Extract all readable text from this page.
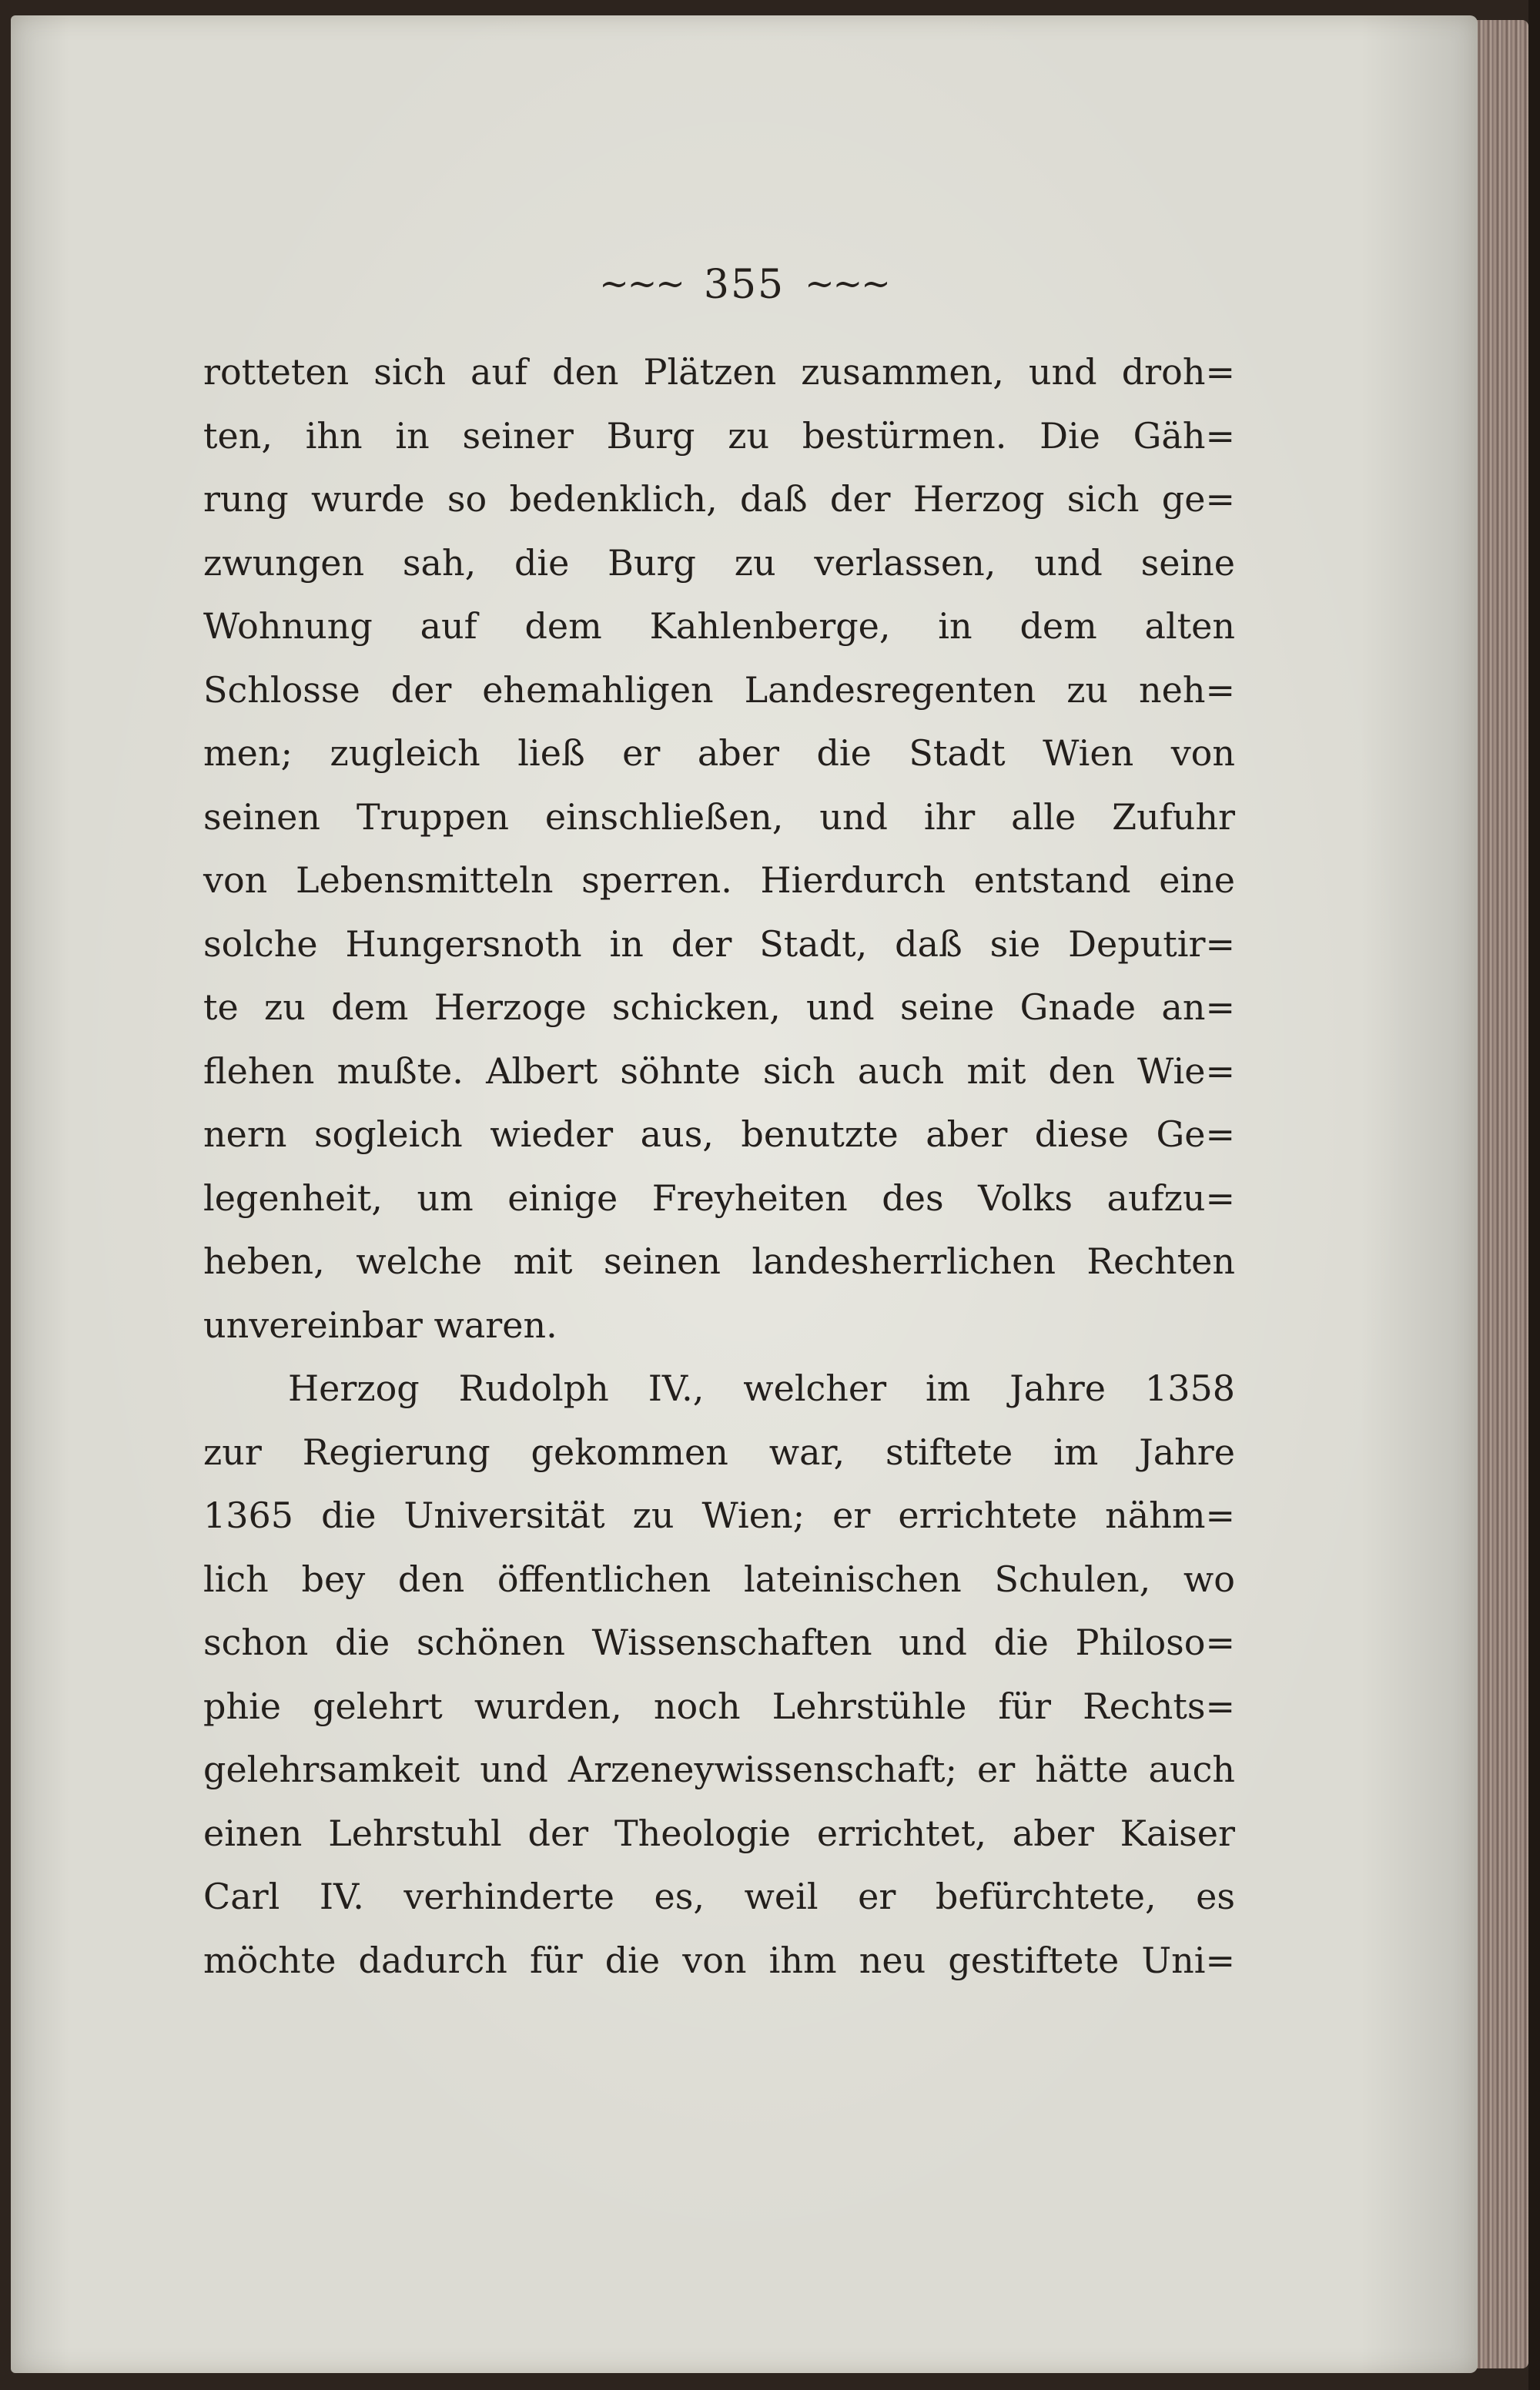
~~~ 355 ~~~
rotteten sich auf den Plätzen zusammen, und droh=
ten, ihn in seiner Burg zu bestürmen. Die Gäh=
rung wurde so bedenklich, daß der Herzog sich ge=
zwungen sah, die Burg zu verlassen, und seine
Wohnung auf dem Kahlenberge, in dem alten
Schlosse der ehemahligen Landesregenten zu neh=
men; zugleich ließ er aber die Stadt Wien von
seinen Truppen einschließen, und ihr alle Zufuhr
von Lebensmitteln sperren. Hierdurch entstand eine
solche Hungersnoth in der Stadt, daß sie Deputir=
te zu dem Herzoge schicken, und seine Gnade an=
flehen mußte. Albert söhnte sich auch mit den Wie=
nern sogleich wieder aus, benutzte aber diese Ge=
legenheit, um einige Freyheiten des Volks aufzu=
heben, welche mit seinen landesherrlichen Rechten
unvereinbar waren.
Herzog Rudolph IV., welcher im Jahre 1358
zur Regierung gekommen war, stiftete im Jahre
1365 die Universität zu Wien; er errichtete nähm=
lich bey den öffentlichen lateinischen Schulen, wo
schon die schönen Wissenschaften und die Philoso=
phie gelehrt wurden, noch Lehrstühle für Rechts=
gelehrsamkeit und Arzeneywissenschaft; er hätte auch
einen Lehrstuhl der Theologie errichtet, aber Kaiser
Carl IV. verhinderte es, weil er befürchtete, es
möchte dadurch für die von ihm neu gestiftete Uni=
